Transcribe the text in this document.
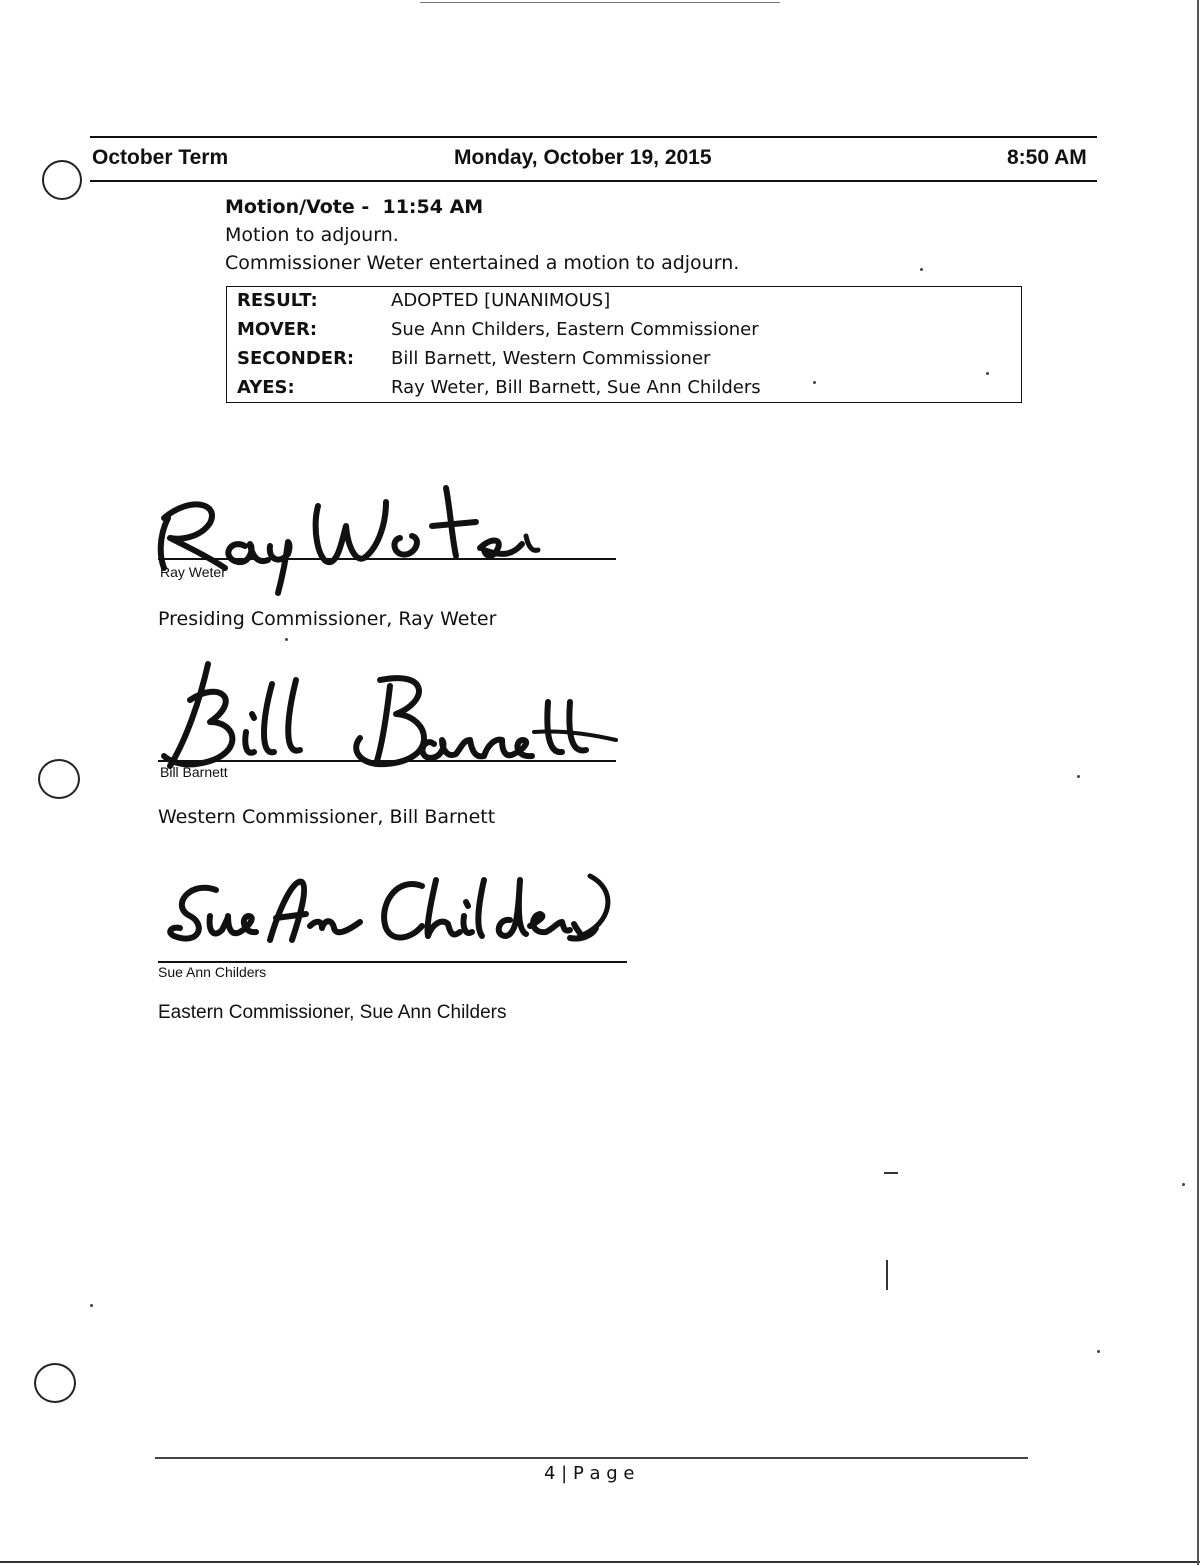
October Term	Monday, October 19, 2015	8:50 AM
Motion/Vote -  11:54 AM
Motion to adjourn.
Commissioner Weter entertained a motion to adjourn.
RESULT:	ADOPTED [UNANIMOUS]
MOVER:	Sue Ann Childers, Eastern Commissioner
SECONDER: Bill Barnett, Western Commissioner
AYES:	Ray Weter, Bill Barnett, Sue Ann Childers
Ray Weter
Presiding Commissioner, Ray Weter
Bill Barnett
Western Commissioner, Bill Barnett
Sue Ann Childers
Eastern Commissioner, Sue Ann Childers
4 | P a g e
